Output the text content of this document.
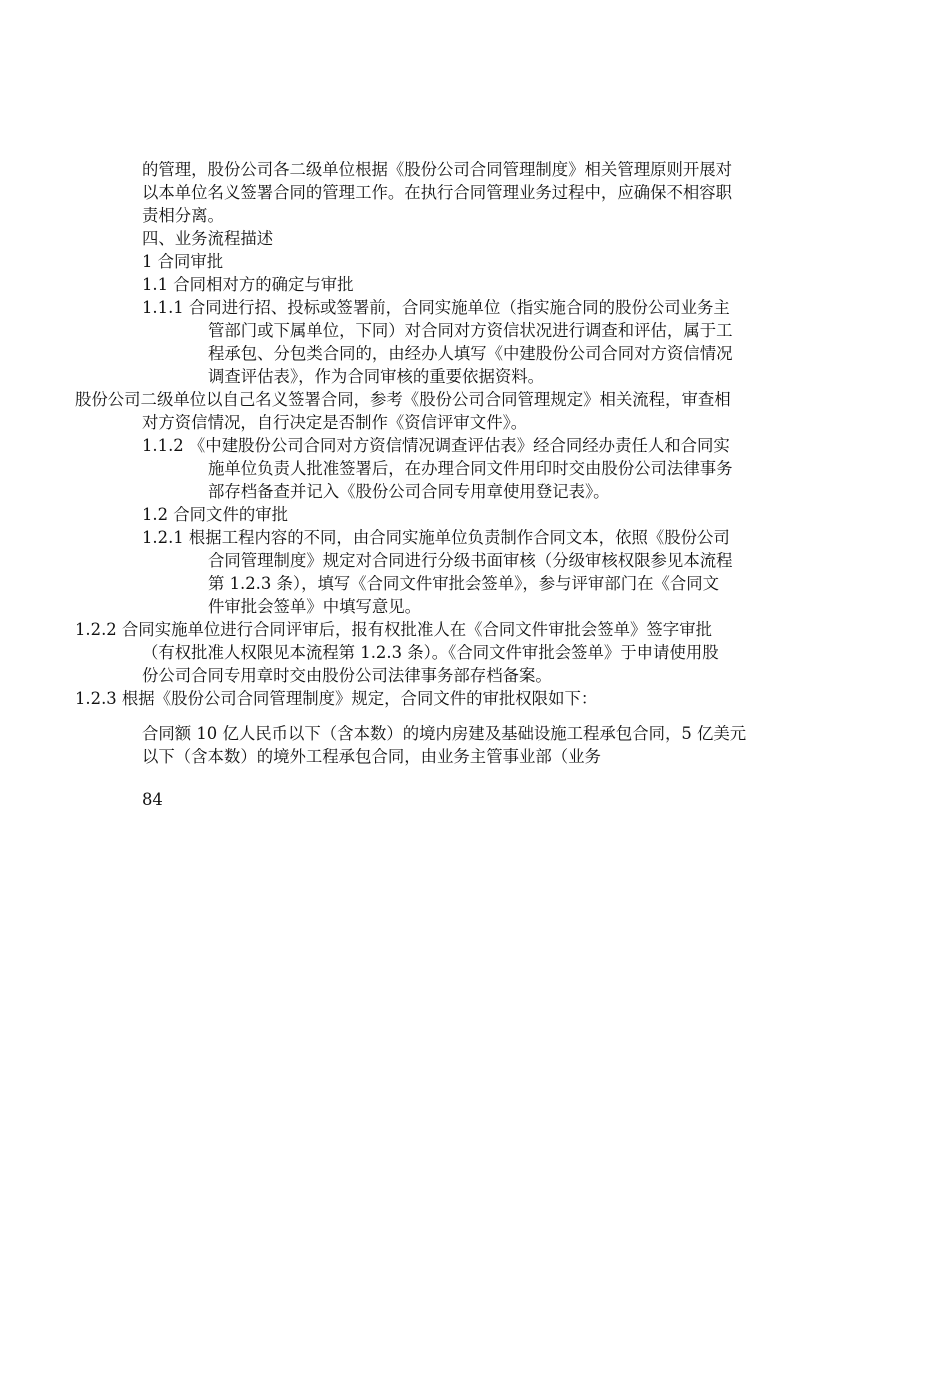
的管理，股份公司各二级单位根据《股份公司合同管理制度》相关管理原则开展对

以本单位名义签署合同的管理工作。在执行合同管理业务过程中，应确保不相容职

责相分离。

四、业务流程描述

1 合同审批

1.1 合同相对方的确定与审批

1.1.1 合同进行招、投标或签署前，合同实施单位（指实施合同的股份公司业务主

管部门或下属单位，下同）对合同对方资信状况进行调查和评估，属于工

程承包、分包类合同的，由经办人填写《中建股份公司合同对方资信情况

调查评估表》，作为合同审核的重要依据资料。

股份公司二级单位以自己名义签署合同，参考《股份公司合同管理规定》相关流程，审查相

对方资信情况，自行决定是否制作《资信评审文件》。

1.1.2 《中建股份公司合同对方资信情况调查评估表》经合同经办责任人和合同实

施单位负责人批准签署后，在办理合同文件用印时交由股份公司法律事务

部存档备查并记入《股份公司合同专用章使用登记表》。

1.2 合同文件的审批

1.2.1 根据工程内容的不同，由合同实施单位负责制作合同文本，依照《股份公司

合同管理制度》规定对合同进行分级书面审核（分级审核权限参见本流程

第 1.2.3 条），填写《合同文件审批会签单》，参与评审部门在《合同文

件审批会签单》中填写意见。

1.2.2 合同实施单位进行合同评审后，报有权批准人在《合同文件审批会签单》签字审批

（有权批准人权限见本流程第 1.2.3 条）。《合同文件审批会签单》于申请使用股

份公司合同专用章时交由股份公司法律事务部存档备案。

1.2.3 根据《股份公司合同管理制度》规定，合同文件的审批权限如下：

合同额 10 亿人民币以下（含本数）的境内房建及基础设施工程承包合同，5 亿美元

以下（含本数）的境外工程承包合同，由业务主管事业部（业务

84
